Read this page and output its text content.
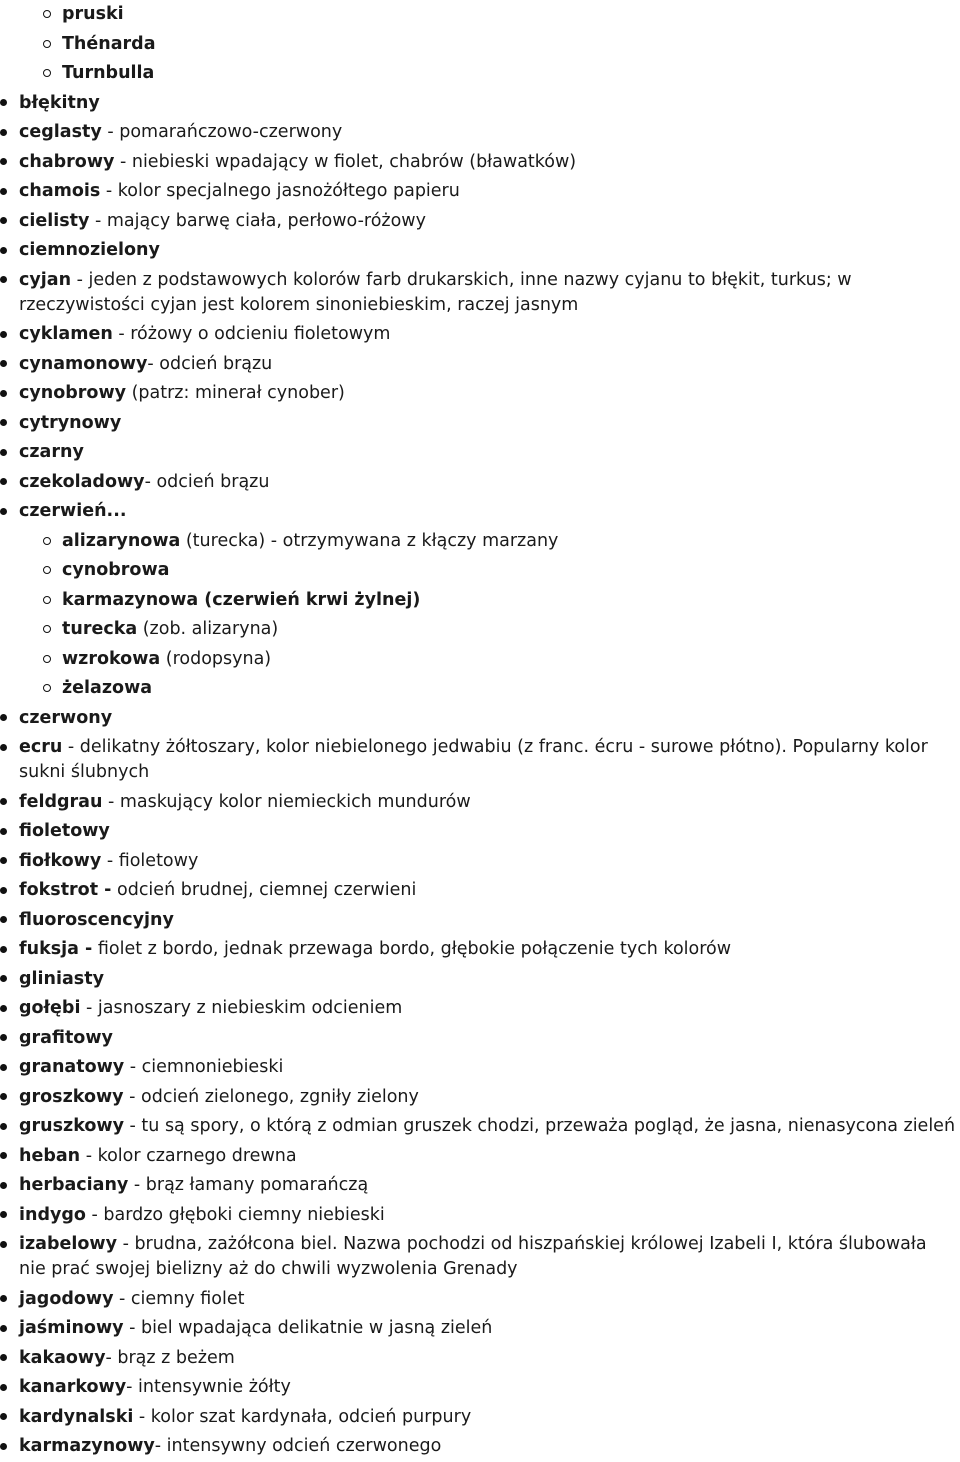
pruski
Thénarda
Turnbulla
błękitny
ceglasty - pomarańczowo-czerwony
chabrowy - niebieski wpadający w fiolet, chabrów (bławatków)
chamois - kolor specjalnego jasnożółtego papieru
cielisty - mający barwę ciała, perłowo-różowy
ciemnozielony
cyjan - jeden z podstawowych kolorów farb drukarskich, inne nazwy cyjanu to błękit, turkus; w rzeczywistości cyjan jest kolorem sinoniebieskim, raczej jasnym
cyklamen - różowy o odcieniu fioletowym
cynamonowy- odcień brązu
cynobrowy (patrz: minerał cynober)
cytrynowy
czarny
czekoladowy- odcień brązu
czerwień...
alizarynowa (turecka) - otrzymywana z kłączy marzany
cynobrowa
karmazynowa (czerwień krwi żylnej)
turecka (zob. alizaryna)
wzrokowa (rodopsyna)
żelazowa
czerwony
ecru - delikatny żółtoszary, kolor niebielonego jedwabiu (z franc. écru - surowe płótno). Popularny kolor sukni ślubnych
feldgrau - maskujący kolor niemieckich mundurów
fioletowy
fiołkowy - fioletowy
fokstrot - odcień brudnej, ciemnej czerwieni
fluoroscencyjny
fuksja - fiolet z bordo, jednak przewaga bordo, głębokie połączenie tych kolorów
gliniasty
gołębi - jasnoszary z niebieskim odcieniem
grafitowy
granatowy - ciemnoniebieski
groszkowy - odcień zielonego, zgniły zielony
gruszkowy - tu są spory, o którą z odmian gruszek chodzi, przeważa pogląd, że jasna, nienasycona zieleń
heban - kolor czarnego drewna
herbaciany - brąz łamany pomarańczą
indygo - bardzo głęboki ciemny niebieski
izabelowy - brudna, zażółcona biel. Nazwa pochodzi od hiszpańskiej królowej Izabeli I, która ślubowała nie prać swojej bielizny aż do chwili wyzwolenia Grenady
jagodowy - ciemny fiolet
jaśminowy - biel wpadająca delikatnie w jasną zieleń
kakaowy- brąz z beżem
kanarkowy- intensywnie żółty
kardynalski - kolor szat kardynała, odcień purpury
karmazynowy- intensywny odcień czerwonego
